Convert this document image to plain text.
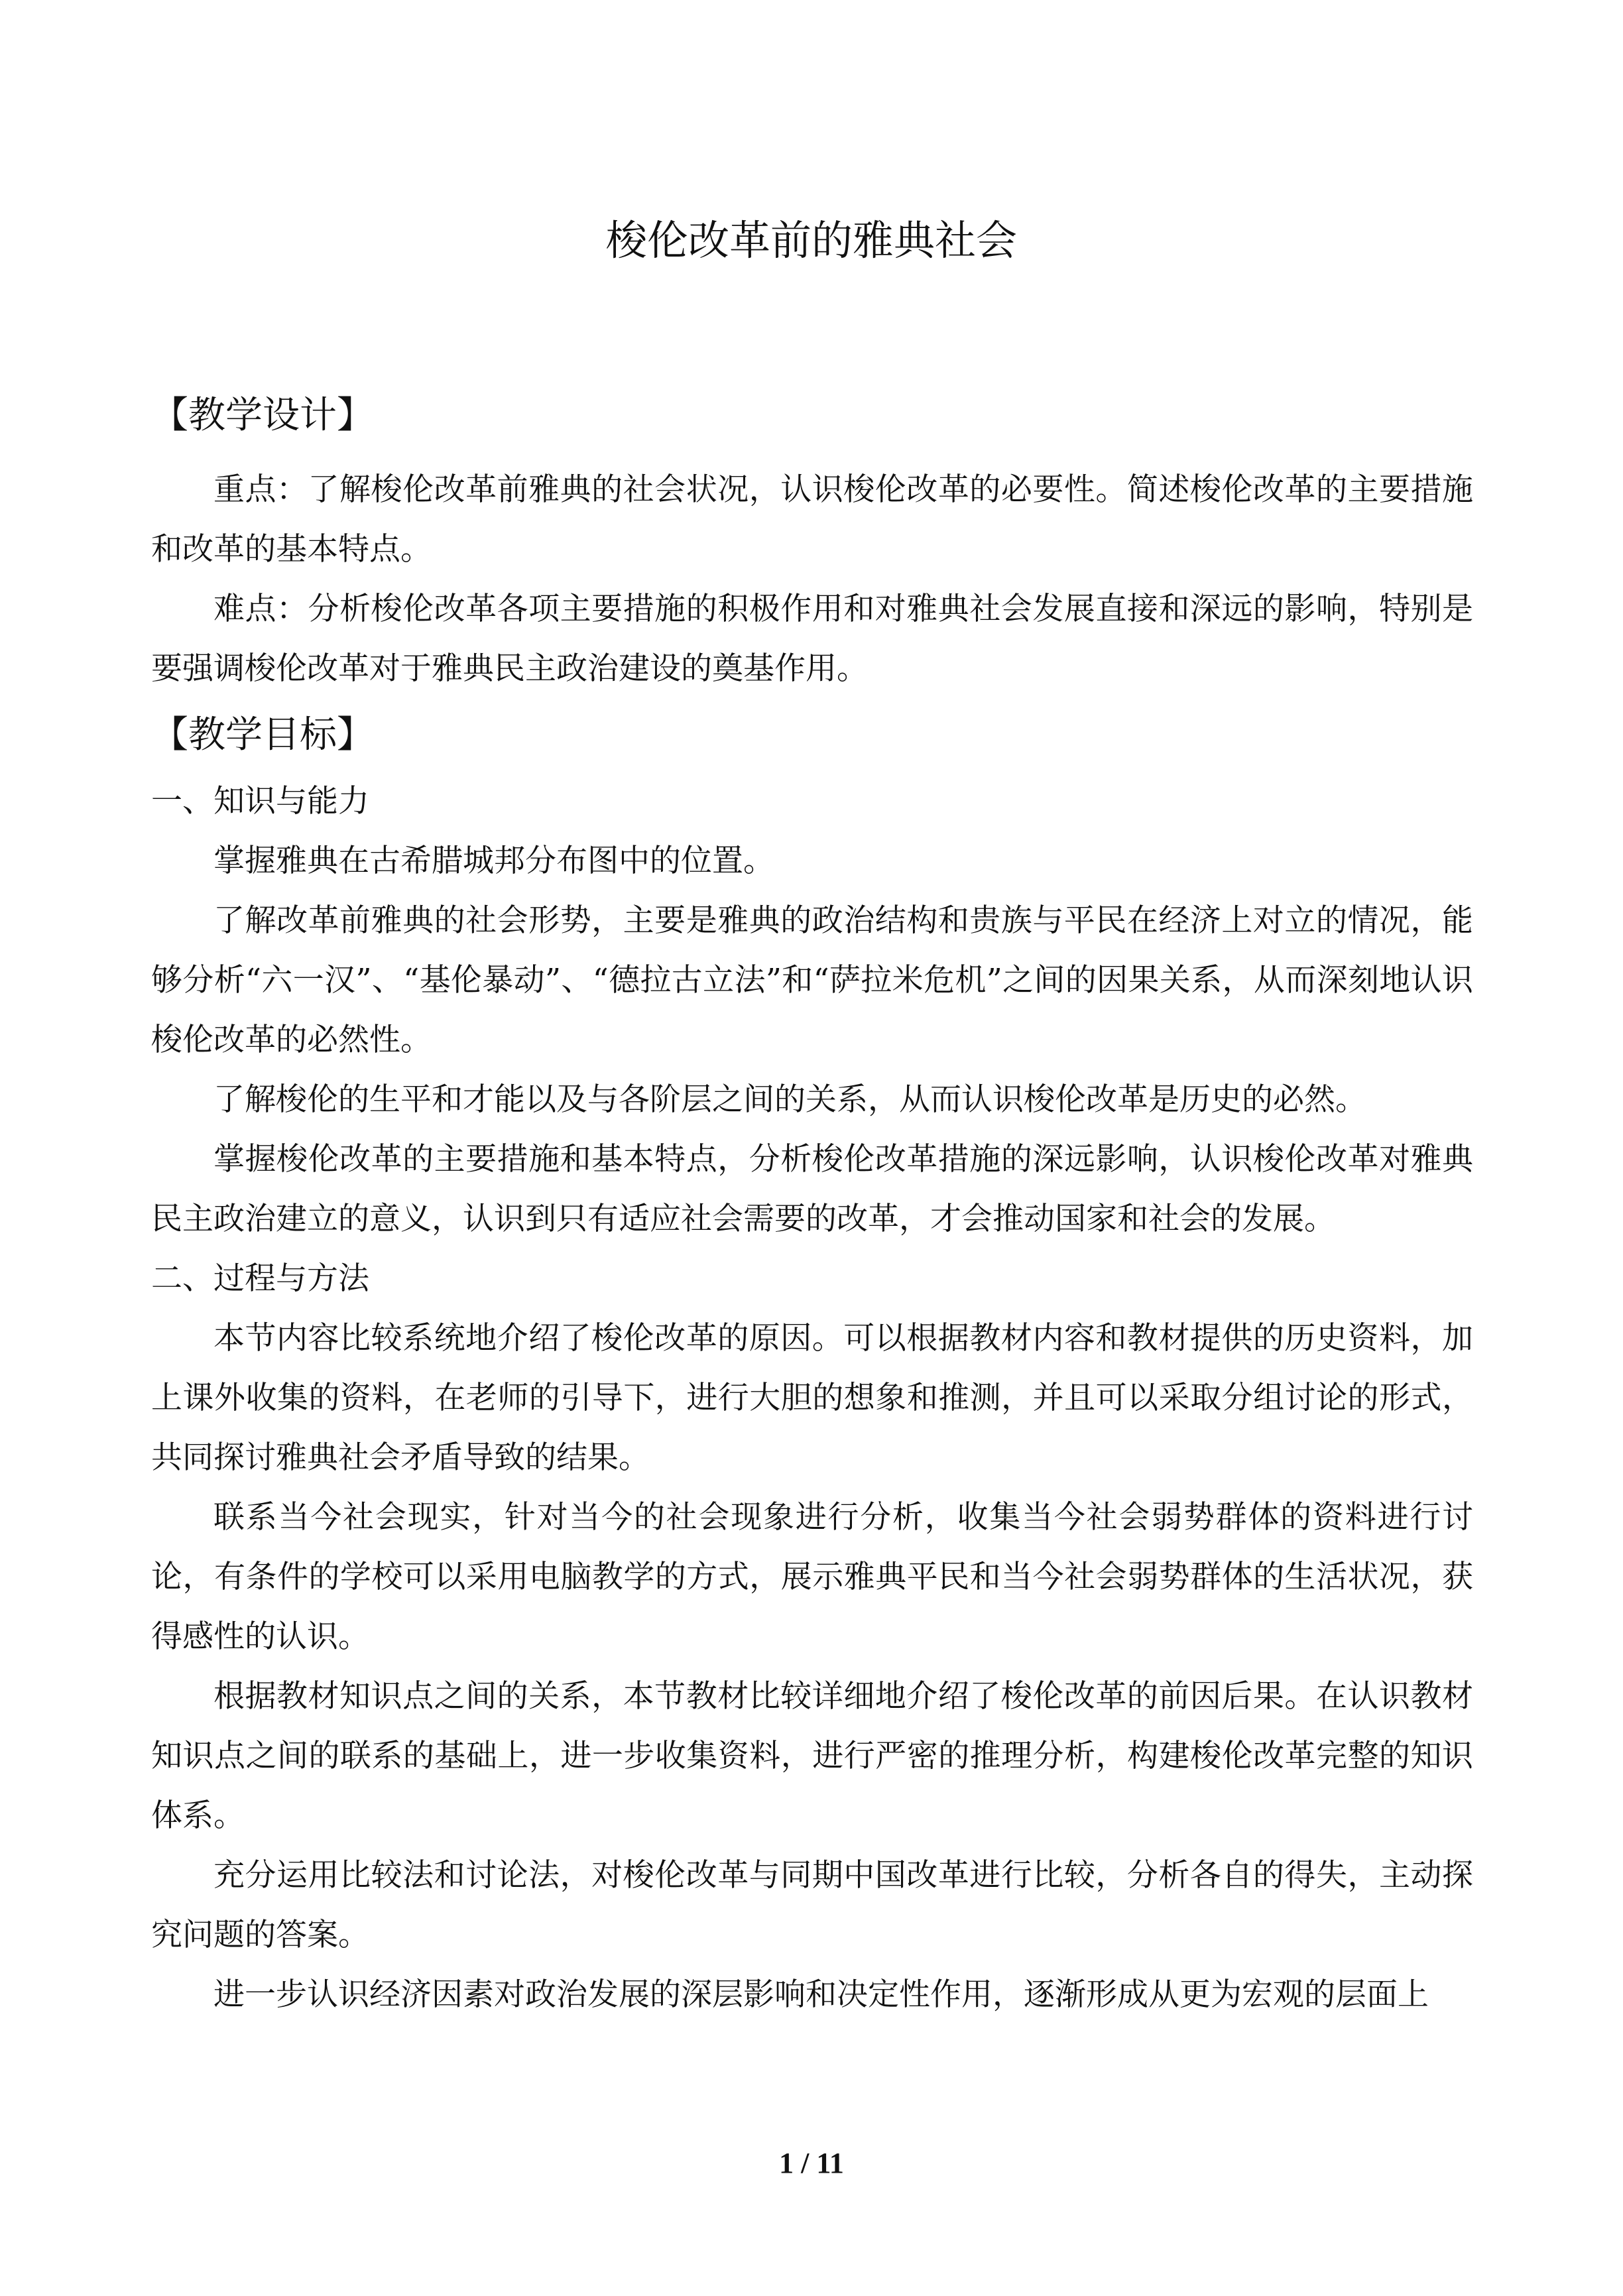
梭伦改革前的雅典社会
【教学设计】

重点：了解梭伦改革前雅典的社会状况，认识梭伦改革的必要性。简述梭伦改革的主要措施和改革的基本特点。

难点：分析梭伦改革各项主要措施的积极作用和对雅典社会发展直接和深远的影响，特别是要强调梭伦改革对于雅典民主政治建设的奠基作用。

【教学目标】

一、知识与能力

掌握雅典在古希腊城邦分布图中的位置。

了解改革前雅典的社会形势，主要是雅典的政治结构和贵族与平民在经济上对立的情况，能够分析“六一汉”、“基伦暴动”、“德拉古立法”和“萨拉米危机”之间的因果关系，从而深刻地认识梭伦改革的必然性。

了解梭伦的生平和才能以及与各阶层之间的关系，从而认识梭伦改革是历史的必然。

掌握梭伦改革的主要措施和基本特点，分析梭伦改革措施的深远影响，认识梭伦改革对雅典民主政治建立的意义，认识到只有适应社会需要的改革，才会推动国家和社会的发展。

二、过程与方法

本节内容比较系统地介绍了梭伦改革的原因。可以根据教材内容和教材提供的历史资料，加上课外收集的资料，在老师的引导下，进行大胆的想象和推测，并且可以采取分组讨论的形式，共同探讨雅典社会矛盾导致的结果。

联系当今社会现实，针对当今的社会现象进行分析，收集当今社会弱势群体的资料进行讨论，有条件的学校可以采用电脑教学的方式，展示雅典平民和当今社会弱势群体的生活状况，获得感性的认识。

根据教材知识点之间的关系，本节教材比较详细地介绍了梭伦改革的前因后果。在认识教材知识点之间的联系的基础上，进一步收集资料，进行严密的推理分析，构建梭伦改革完整的知识体系。

充分运用比较法和讨论法，对梭伦改革与同期中国改革进行比较，分析各自的得失，主动探究问题的答案。

进一步认识经济因素对政治发展的深层影响和决定性作用，逐渐形成从更为宏观的层面上

1 / 11
